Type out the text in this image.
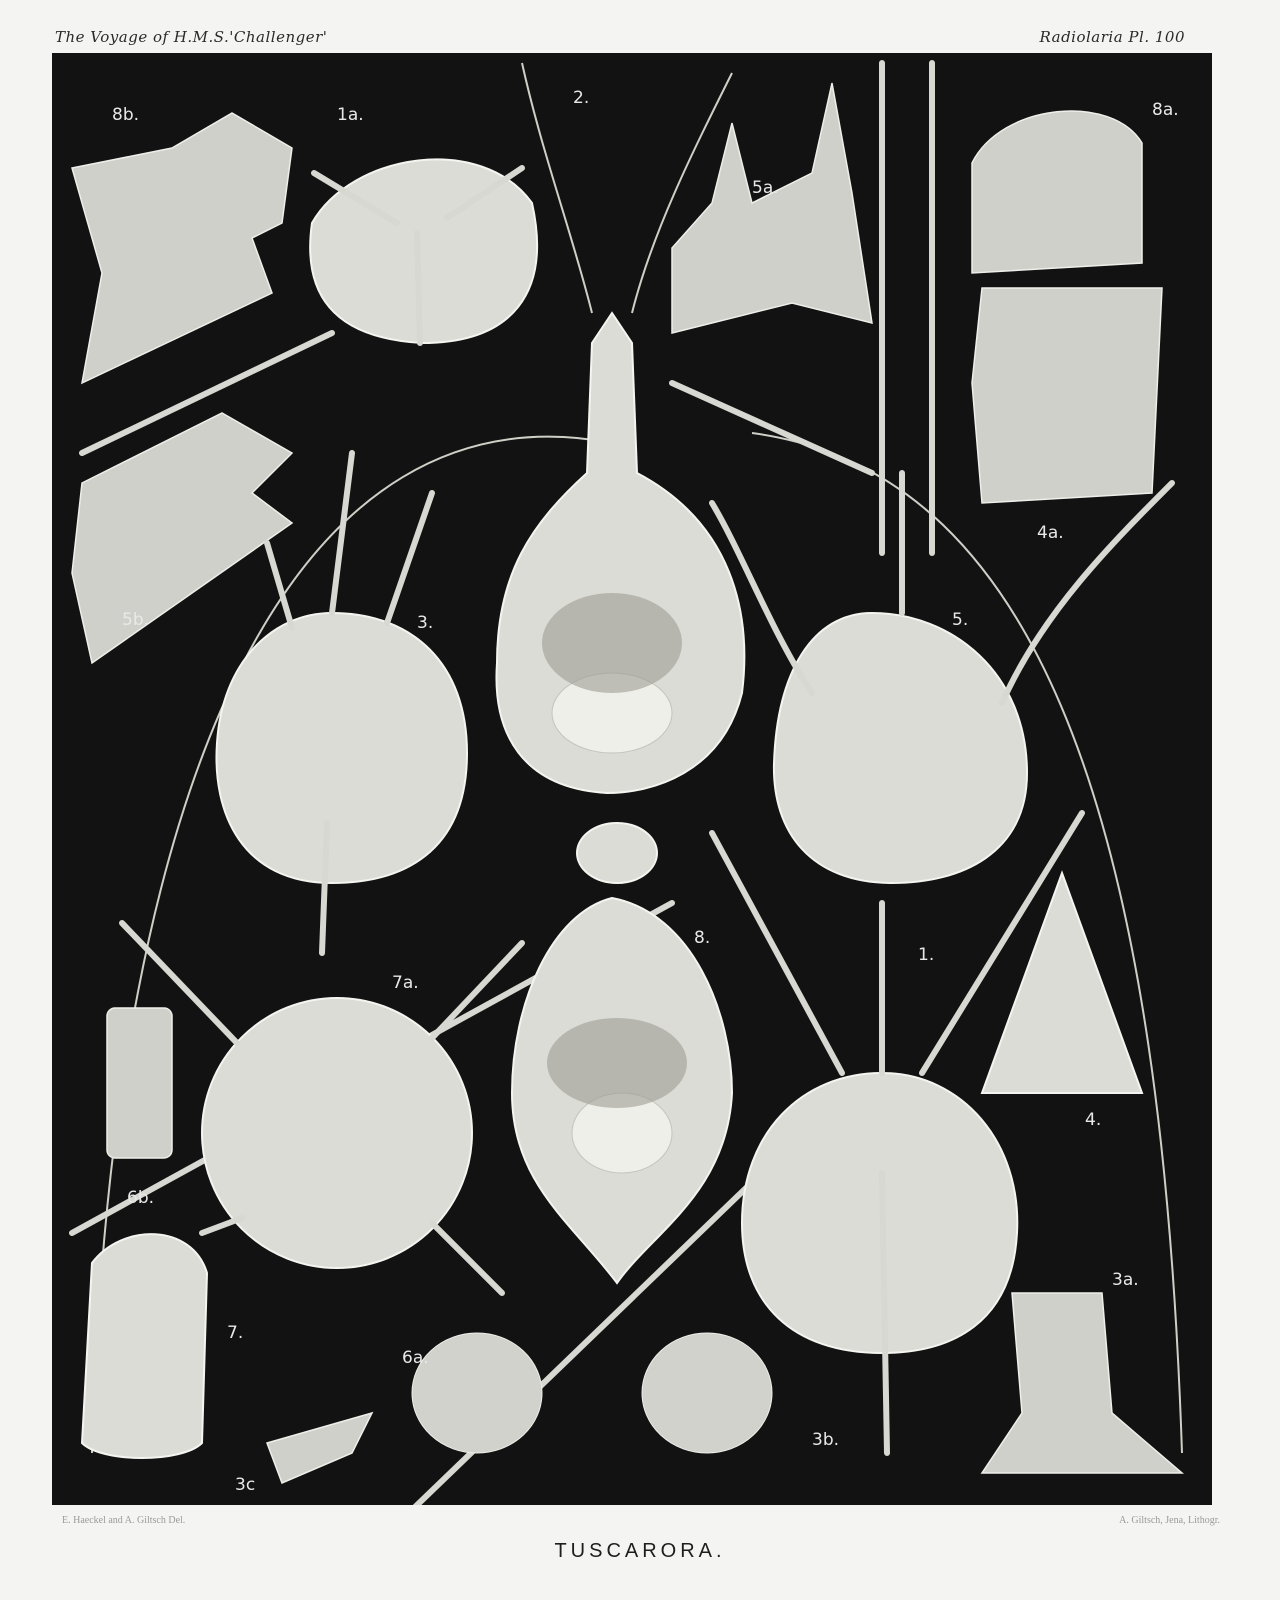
The Voyage of H.M.S.'Challenger'	Radiolaria Pl. 100
8b.	1a.
2.
5a.
8a.
3.
5b.	5.
4a.
8.
1.
7a.
4.
6b.
7.
6a.
3c
3b.
3a.
E. Haeckel and A. Giltsch Del.	A. Giltsch, Jena, Lithogr.
TUSCARORA.
